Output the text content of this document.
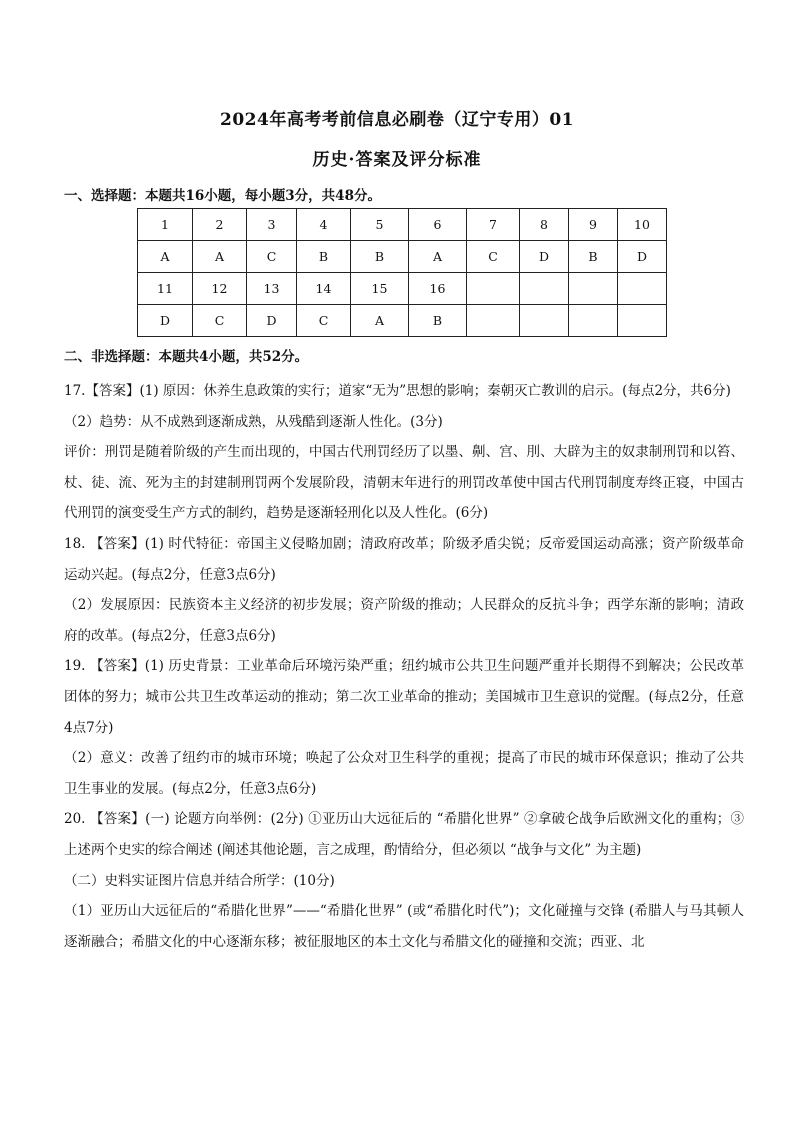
2024年高考考前信息必刷卷（辽宁专用）01
历史·答案及评分标准
一、选择题：本题共16小题，每小题3分，共48分。
1	2	3	4	5	6	7	8	9	10
A	A	C	B	B	A	C	D	B	D
11	12	13	14	15	16				
D	C	D	C	A	B				
二、非选择题：本题共4小题，共52分。

17.【答案】(1) 原因：休养生息政策的实行；道家“无为”思想的影响；秦朝灭亡教训的启示。(每点2分，共6分)

（2）趋势：从不成熟到逐渐成熟，从残酷到逐渐人性化。(3分)

评价：刑罚是随着阶级的产生而出现的，中国古代刑罚经历了以墨、劓、宫、刖、大辟为主的奴隶制刑罚和以笞、杖、徒、流、死为主的封建制刑罚两个发展阶段，清朝末年进行的刑罚改革使中国古代刑罚制度寿终正寝，中国古代刑罚的演变受生产方式的制约，趋势是逐渐轻刑化以及人性化。(6分)

18. 【答案】(1) 时代特征：帝国主义侵略加剧；清政府改革；阶级矛盾尖锐；反帝爱国运动高涨；资产阶级革命运动兴起。(每点2分，任意3点6分)

（2）发展原因：民族资本主义经济的初步发展；资产阶级的推动；人民群众的反抗斗争；西学东渐的影响；清政府的改革。(每点2分，任意3点6分)

19. 【答案】(1) 历史背景：工业革命后环境污染严重；纽约城市公共卫生问题严重并长期得不到解决；公民改革团体的努力；城市公共卫生改革运动的推动；第二次工业革命的推动；美国城市卫生意识的觉醒。(每点2分，任意4点7分)

（2）意义：改善了纽约市的城市环境；唤起了公众对卫生科学的重视；提高了市民的城市环保意识；推动了公共卫生事业的发展。(每点2分，任意3点6分)

20. 【答案】(一) 论题方向举例：(2分) ①亚历山大远征后的 “希腊化世界” ②拿破仑战争后欧洲文化的重构；③上述两个史实的综合阐述 (阐述其他论题，言之成理，酌情给分，但必须以 “战争与文化” 为主题)

（二）史料实证图片信息并结合所学：(10分)

（1）亚历山大远征后的“希腊化世界”——“希腊化世界” (或“希腊化时代”)；文化碰撞与交锋 (希腊人与马其顿人逐渐融合；希腊文化的中心逐渐东移；被征服地区的本土文化与希腊文化的碰撞和交流；西亚、北
